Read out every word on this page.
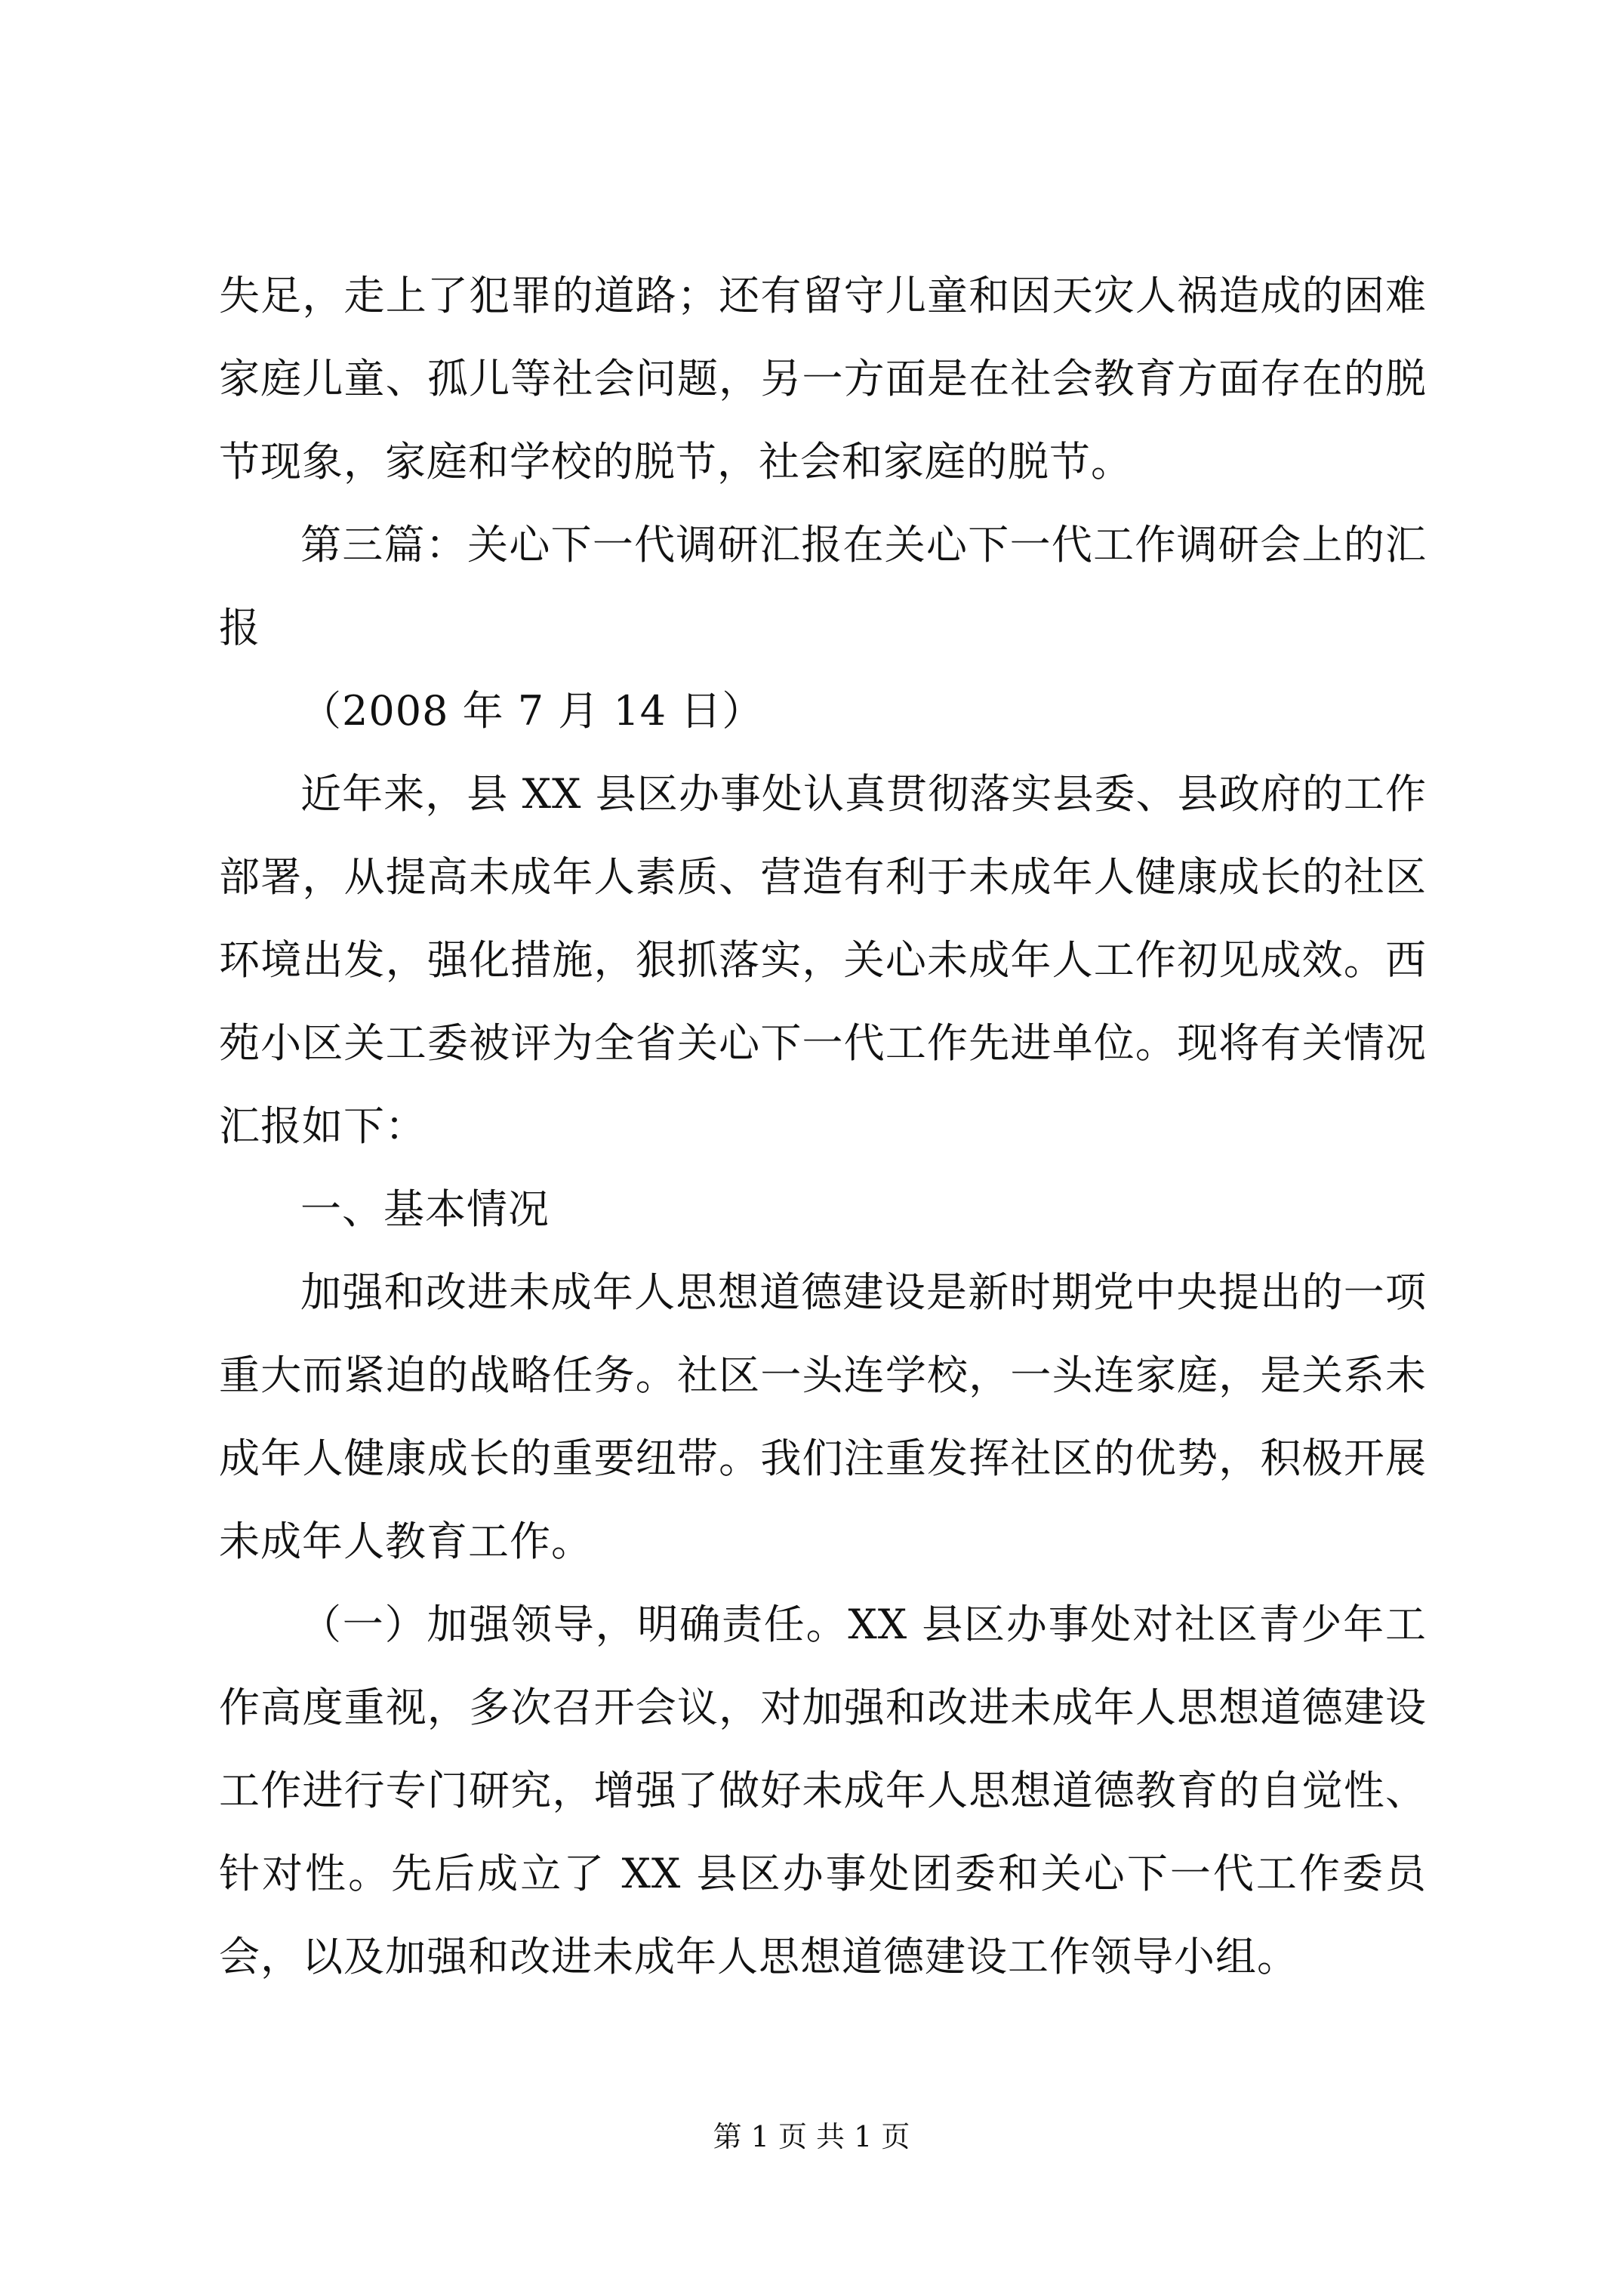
失足，走上了犯罪的道路；还有留守儿童和因天灾人祸造成的困难家庭儿童、孤儿等社会问题，另一方面是在社会教育方面存在的脱节现象，家庭和学校的脱节，社会和家庭的脱节。

第三篇：关心下一代调研汇报在关心下一代工作调研会上的汇报

（2008 年 7 月 14 日）

近年来，县 XX 县区办事处认真贯彻落实县委、县政府的工作部署，从提高未成年人素质、营造有利于未成年人健康成长的社区环境出发，强化措施，狠抓落实，关心未成年人工作初见成效。西苑小区关工委被评为全省关心下一代工作先进单位。现将有关情况汇报如下：

一、基本情况

加强和改进未成年人思想道德建设是新时期党中央提出的一项重大而紧迫的战略任务。社区一头连学校，一头连家庭，是关系未成年人健康成长的重要纽带。我们注重发挥社区的优势，积极开展未成年人教育工作。

（一）加强领导，明确责任。XX 县区办事处对社区青少年工作高度重视，多次召开会议，对加强和改进未成年人思想道德建设工作进行专门研究，增强了做好未成年人思想道德教育的自觉性、针对性。先后成立了 XX 县区办事处团委和关心下一代工作委员会，以及加强和改进未成年人思想道德建设工作领导小组。

第 1 页 共 1 页
